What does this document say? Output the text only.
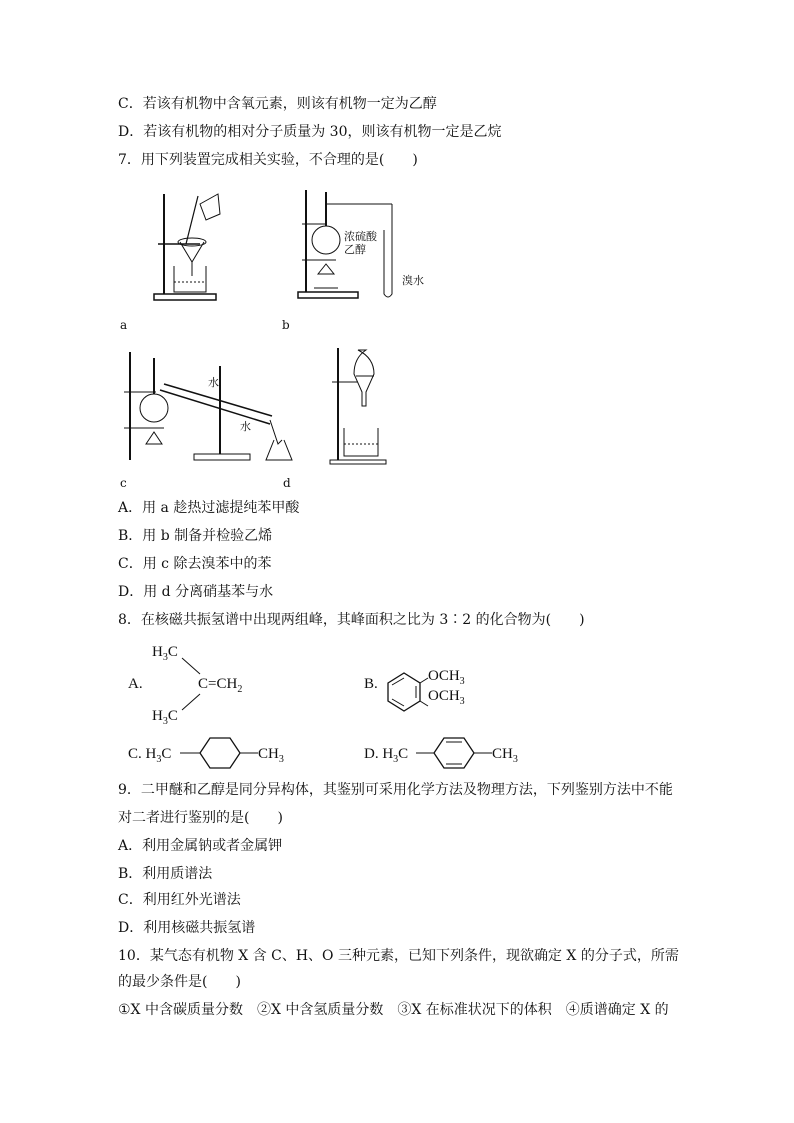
C．若该有机物中含氧元素，则该有机物一定为乙醇
D．若该有机物的相对分子质量为 30，则该有机物一定是乙烷
7．用下列装置完成相关实验，不合理的是(　　)
a
浓硫酸
乙醇
溴水
b
水
水
c	d
A．用 a 趁热过滤提纯苯甲酸
B．用 b 制备并检验乙烯
C．用 c 除去溴苯中的苯
D．用 d 分离硝基苯与水
8．在核磁共振氢谱中出现两组峰，其峰面积之比为 3∶2 的化合物为(　　)
A.
$H_3C$
$C=CH_2$
$H_3C$
B.	$OCH_3$
$OCH_3$
C. $H_3C$	$CH_3$	D. $H_3C$	$CH_3$
9．二甲醚和乙醇是同分异构体，其鉴别可采用化学方法及物理方法，下列鉴别方法中不能
对二者进行鉴别的是(　　)
A．利用金属钠或者金属钾
B．利用质谱法
C．利用红外光谱法
D．利用核磁共振氢谱
10．某气态有机物 X 含 C、H、O 三种元素，已知下列条件，现欲确定 X 的分子式，所需
的最少条件是(　　)
①X 中含碳质量分数　②X 中含氢质量分数　③X 在标准状况下的体积　④质谱确定 X 的
